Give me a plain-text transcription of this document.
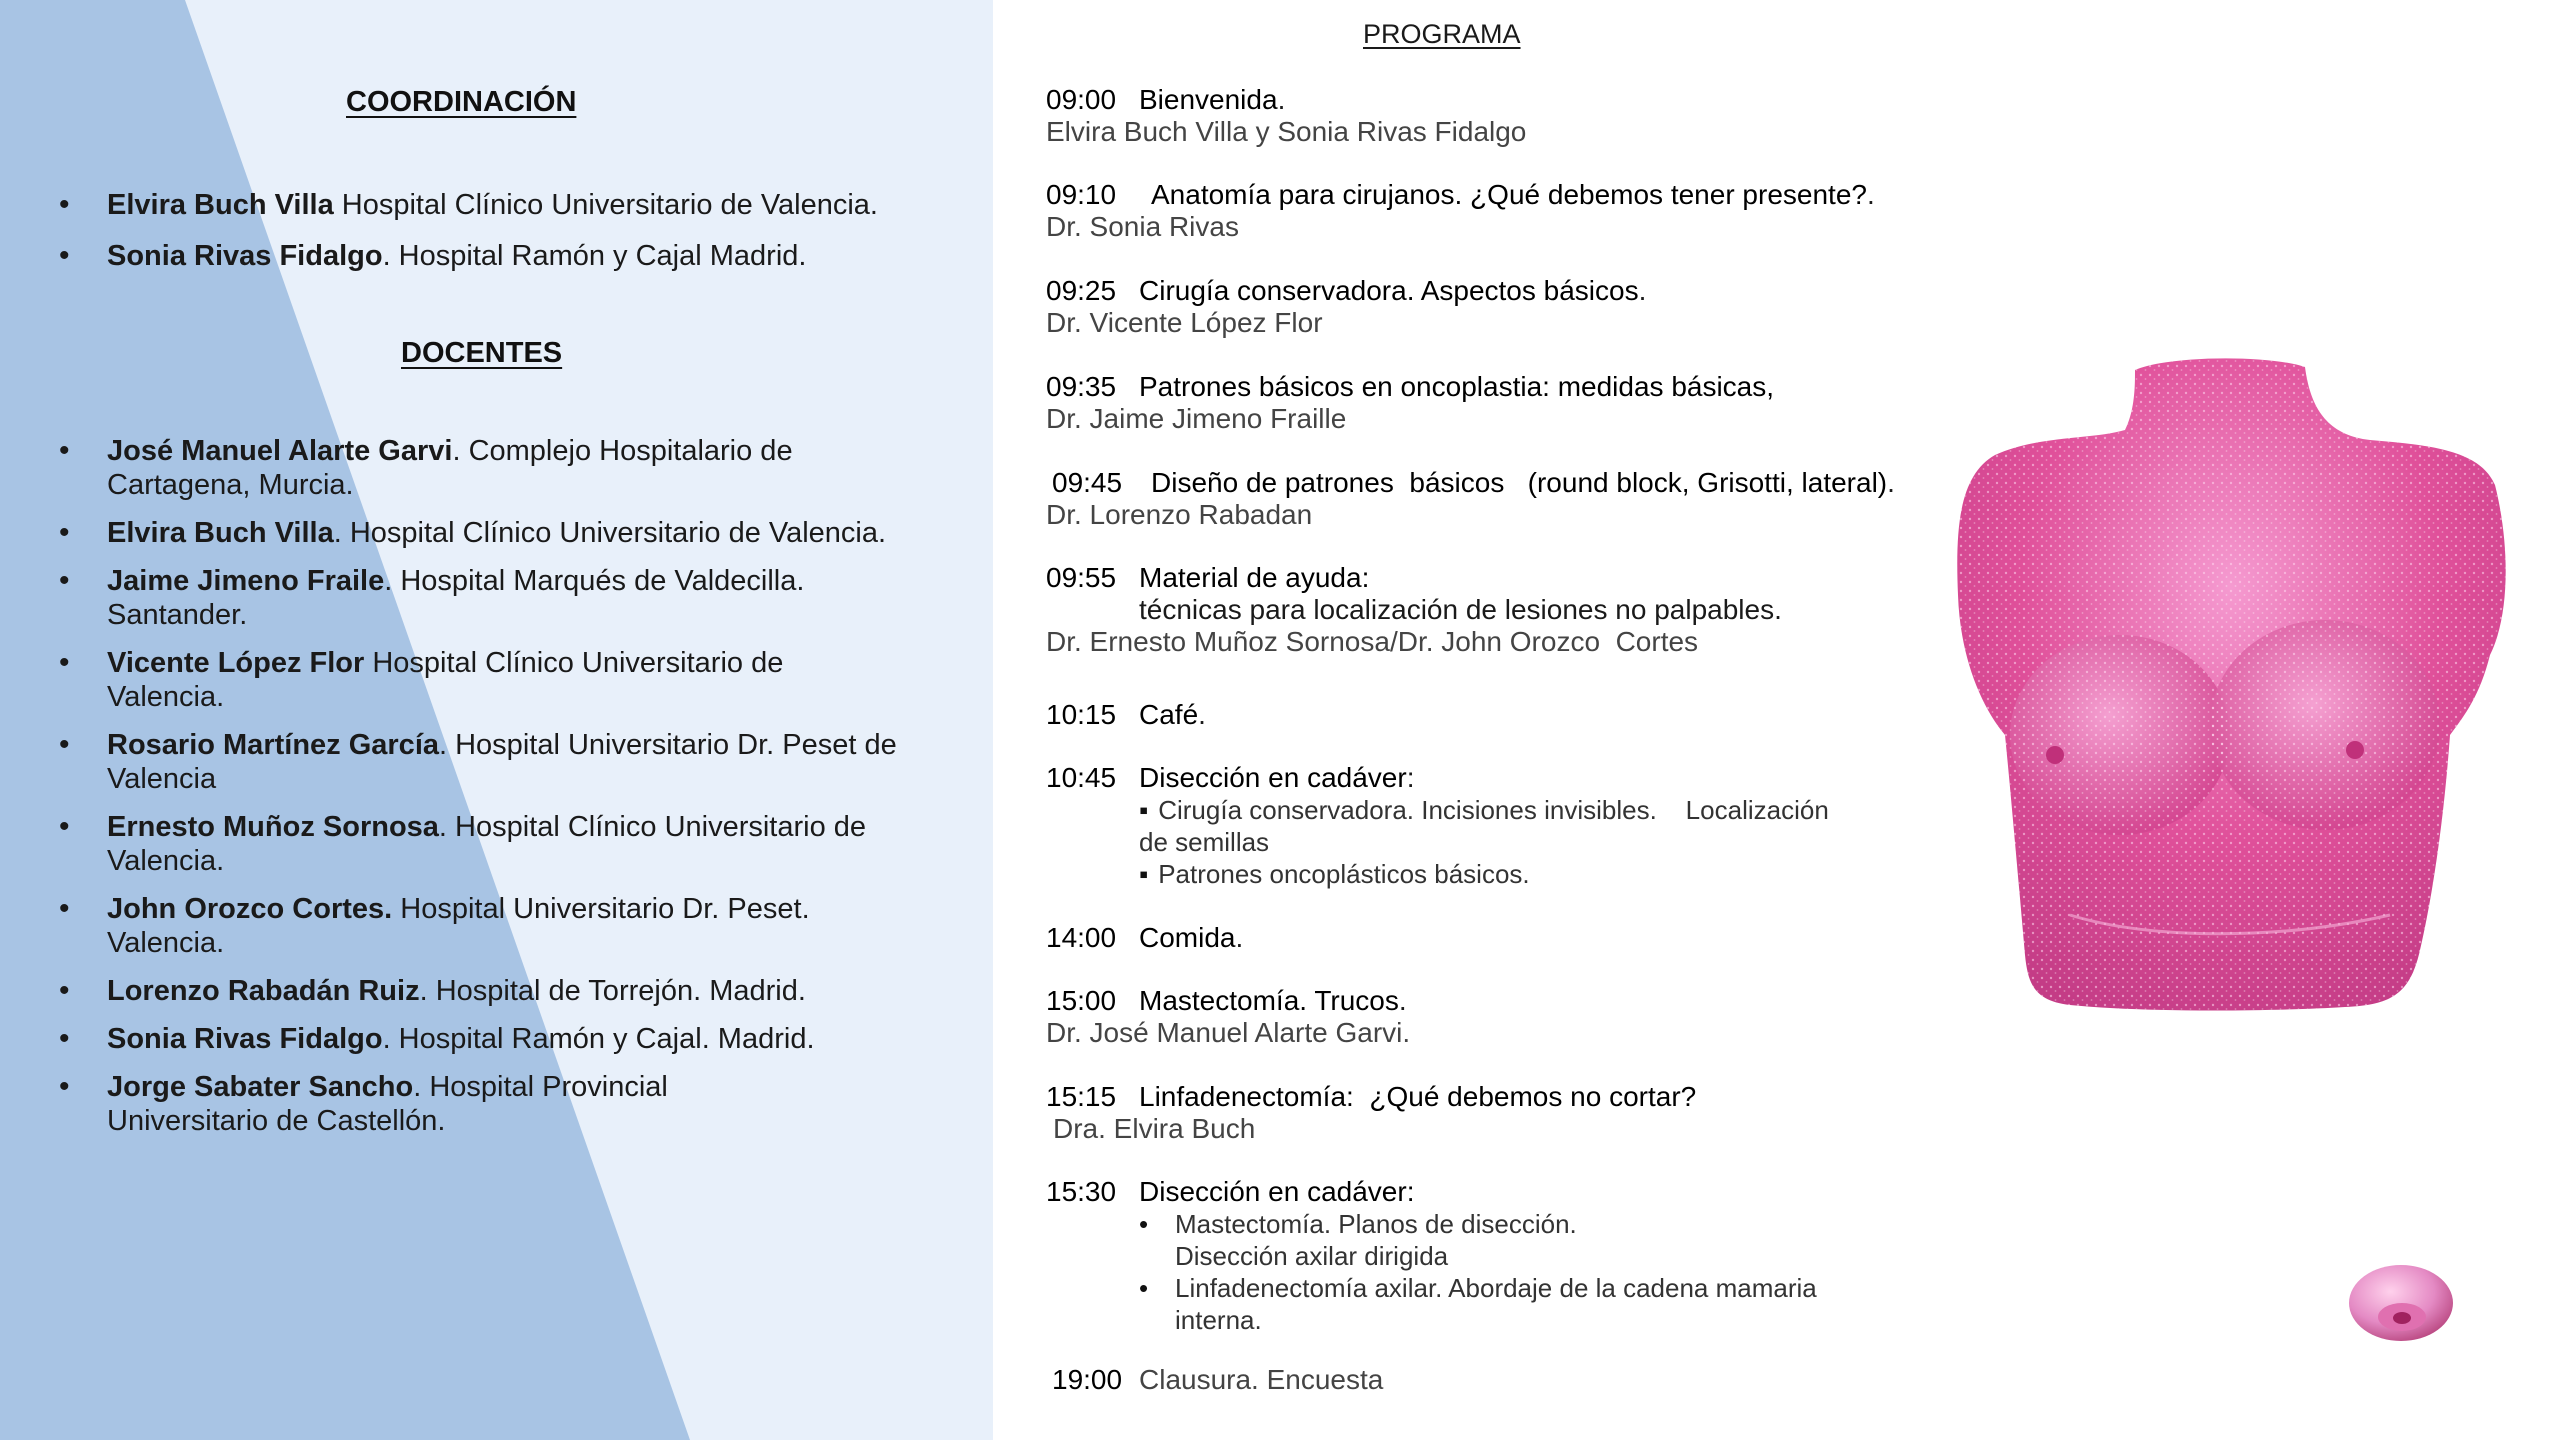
COORDINACIÓN
• Elvira Buch Villa Hospital Clínico Universitario de Valencia.
• Sonia Rivas Fidalgo. Hospital Ramón y Cajal Madrid.
DOCENTES
• José Manuel Alarte Garvi. Complejo Hospitalario de Cartagena, Murcia.
• Elvira Buch Villa. Hospital Clínico Universitario de Valencia.
• Jaime Jimeno Fraile. Hospital Marqués de Valdecilla. Santander.
• Vicente López Flor Hospital Clínico Universitario de Valencia.
• Rosario Martínez García. Hospital Universitario Dr. Peset de Valencia
• Ernesto Muñoz Sornosa. Hospital Clínico Universitario de Valencia.
• John Orozco Cortes. Hospital Universitario Dr. Peset. Valencia.
• Lorenzo Rabadán Ruiz. Hospital de Torrejón. Madrid.
• Sonia Rivas Fidalgo. Hospital Ramón y Cajal. Madrid.
• Jorge Sabater Sancho. Hospital Provincial Universitario de Castellón.
PROGRAMA
09:00 Bienvenida.
Elvira Buch Villa y Sonia Rivas Fidalgo
09:10 Anatomía para cirujanos. ¿Qué debemos tener presente?.
Dr. Sonia Rivas
09:25 Cirugía conservadora. Aspectos básicos.
Dr. Vicente López Flor
09:35 Patrones básicos en oncoplastia: medidas básicas,
Dr. Jaime Jimeno Fraille
09:45 Diseño de patrones  básicos   (round block, Grisotti, lateral).
Dr. Lorenzo Rabadan
09:55 Material de ayuda:
técnicas para localización de lesiones no palpables.
Dr. Ernesto Muñoz Sornosa/Dr. John Orozco  Cortes
10:15 Café.
10:45 Disección en cadáver:
▪ Cirugía conservadora. Incisiones invisibles.    Localización
de semillas
▪ Patrones oncoplásticos básicos.
14:00 Comida.
15:00 Mastectomía. Trucos.
Dr. José Manuel Alarte Garvi.
15:15 Linfadenectomía:  ¿Qué debemos no cortar?
Dra. Elvira Buch
15:30 Disección en cadáver:
• Mastectomía. Planos de disección.
Disección axilar dirigida
• Linfadenectomía axilar. Abordaje de la cadena mamaria interna.
19:00 Clausura. Encuesta
